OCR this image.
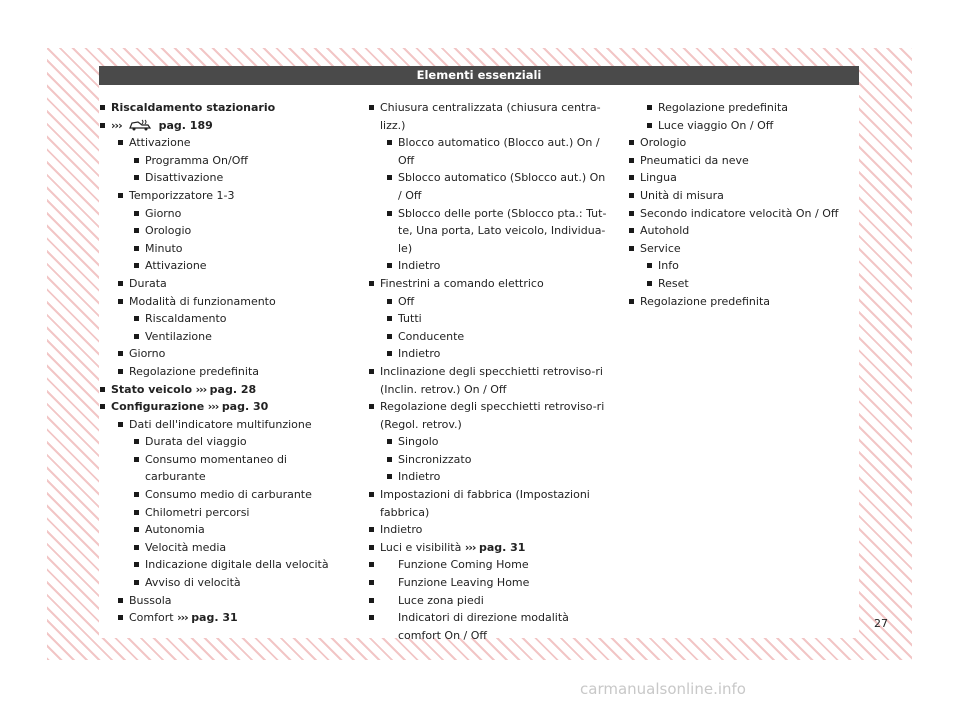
Elementi essenziali
Riscaldamento stazionario
›››	pag. 189
Attivazione
Programma On/Off
Disattivazione
Temporizzatore 1-3
Giorno
Orologio
Minuto
Attivazione
Durata
Modalità di funzionamento
Riscaldamento
Ventilazione
Giorno
Regolazione predefinita
Stato veicolo ››› pag. 28
Configurazione ››› pag. 30
Dati dell'indicatore multifunzione
Durata del viaggio
Consumo momentaneo di carburante
Consumo medio di carburante
Chilometri percorsi
Autonomia
Velocità media
Indicazione digitale della velocità
Avviso di velocità
Bussola
Comfort ››› pag. 31
Chiusura centralizzata (chiusura centra-lizz.)
Blocco automatico (Blocco aut.) On / Off
Sblocco automatico (Sblocco aut.) On / Off
Sblocco delle porte (Sblocco pta.: Tut-te, Una porta, Lato veicolo, Individua-le)
Indietro
Finestrini a comando elettrico
Off
Tutti
Conducente
Indietro
Inclinazione degli specchietti retroviso-ri (Inclin. retrov.) On / Off
Regolazione degli specchietti retroviso-ri (Regol. retrov.)
Singolo
Sincronizzato
Indietro
Impostazioni di fabbrica (Impostazioni fabbrica)
Indietro
Luci e visibilità ››› pag. 31
Funzione Coming Home
Funzione Leaving Home
Luce zona piedi
Indicatori di direzione modalità comfort On / Off
Regolazione predefinita
Luce viaggio On / Off
Orologio
Pneumatici da neve
Lingua
Unità di misura
Secondo indicatore velocità On / Off
Autohold
Service
Info
Reset
Regolazione predefinita
27
carmanualsonline.info
